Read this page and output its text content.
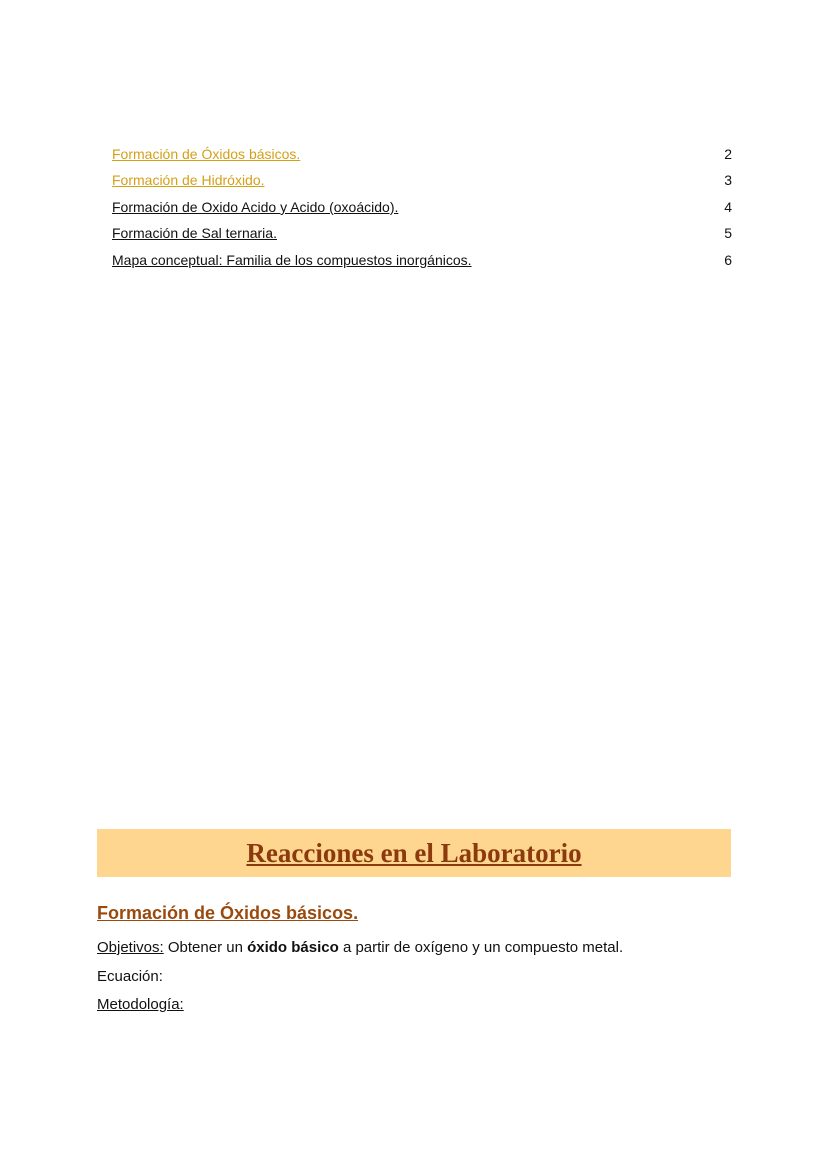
Formación de Óxidos básicos.	2
Formación de Hidróxido.	3
Formación de Oxido Acido y Acido (oxoácido).	4
Formación de Sal ternaria.	5
Mapa conceptual: Familia de los compuestos inorgánicos.	6
Reacciones en el Laboratorio
Formación de Óxidos básicos.
Objetivos: Obtener un óxido básico a partir de oxígeno y un compuesto metal.
Ecuación:
Metodología:
